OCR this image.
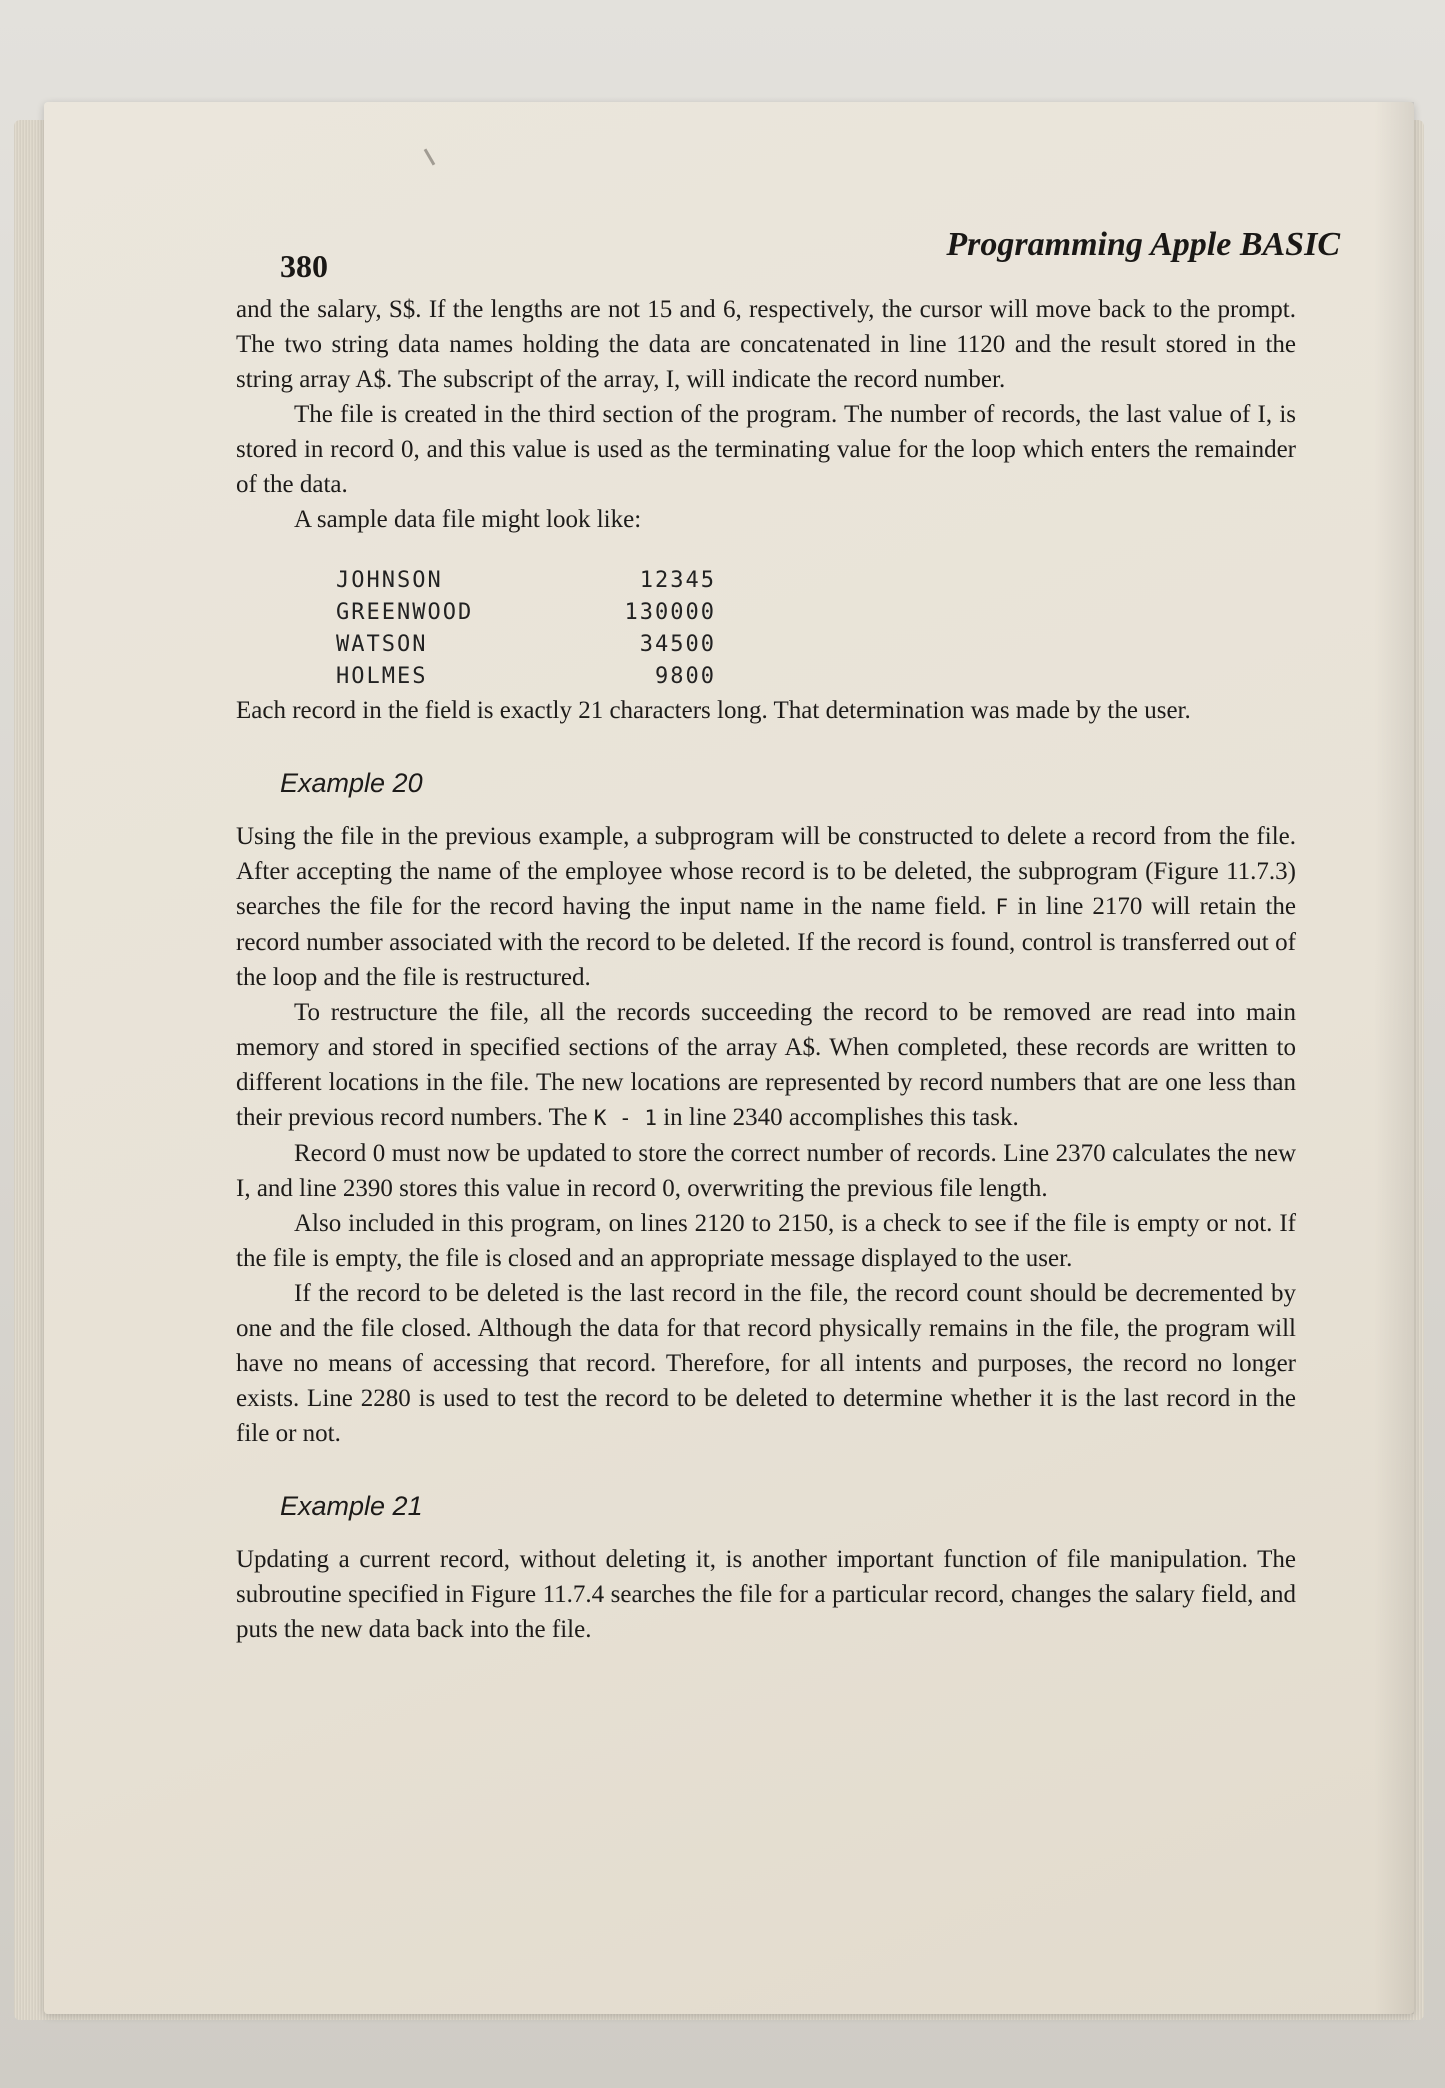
380
Programming Apple BASIC

and the salary, S$. If the lengths are not 15 and 6, respectively, the cursor will move back to the prompt. The two string data names holding the data are concatenated in line 1120 and the result stored in the string array A$. The subscript of the array, I, will indicate the record number.

The file is created in the third section of the program. The number of records, the last value of I, is stored in record 0, and this value is used as the terminating value for the loop which enters the remainder of the data.

A sample data file might look like:

JOHNSON	12345
GREENWOOD	130000
WATSON	34500
HOLMES	9800

Each record in the field is exactly 21 characters long. That determination was made by the user.

Example 20

Using the file in the previous example, a subprogram will be constructed to delete a record from the file. After accepting the name of the employee whose record is to be deleted, the subprogram (Figure 11.7.3) searches the file for the record having the input name in the name field. F in line 2170 will retain the record number associated with the record to be deleted. If the record is found, control is transferred out of the loop and the file is restructured.

To restructure the file, all the records succeeding the record to be removed are read into main memory and stored in specified sections of the array A$. When completed, these records are written to different locations in the file. The new locations are represented by record numbers that are one less than their previous record numbers. The K - 1 in line 2340 accomplishes this task.

Record 0 must now be updated to store the correct number of records. Line 2370 calculates the new I, and line 2390 stores this value in record 0, overwriting the previous file length.

Also included in this program, on lines 2120 to 2150, is a check to see if the file is empty or not. If the file is empty, the file is closed and an appropriate message displayed to the user.

If the record to be deleted is the last record in the file, the record count should be decremented by one and the file closed. Although the data for that record physically remains in the file, the program will have no means of accessing that record. Therefore, for all intents and purposes, the record no longer exists. Line 2280 is used to test the record to be deleted to determine whether it is the last record in the file or not.

Example 21

Updating a current record, without deleting it, is another important function of file manipulation. The subroutine specified in Figure 11.7.4 searches the file for a particular record, changes the salary field, and puts the new data back into the file.
